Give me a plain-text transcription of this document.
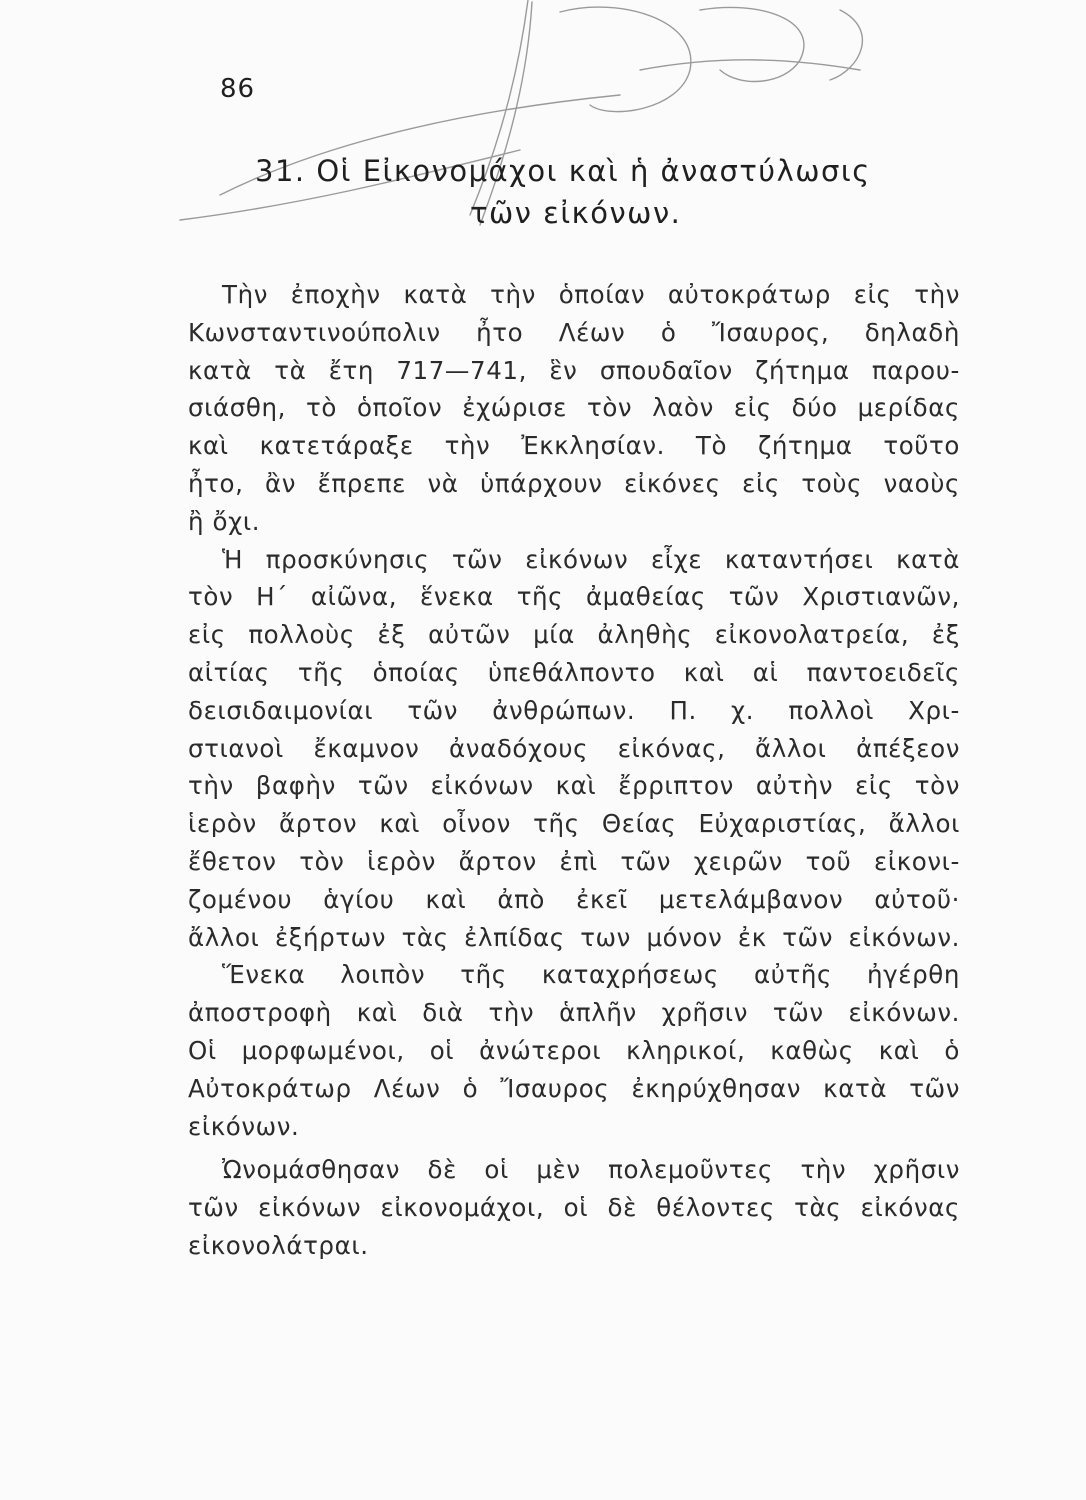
86
31. Οἱ Εἰκονομάχοι καὶ ἡ ἀναστύλωσις
τῶν εἰκόνων.

Τὴν ἐποχὴν κατὰ τὴν ὁποίαν αὐτοκράτωρ εἰς τὴν
Κωνσταντινούπολιν ἦτο Λέων ὁ Ἴσαυρος, δηλαδὴ
κατὰ τὰ ἔτη 717—741, ἓν σπουδαῖον ζήτημα παρου-
σιάσθη, τὸ ὁποῖον ἐχώρισε τὸν λαὸν εἰς δύο μερίδας
καὶ κατετάραξε τὴν Ἐκκλησίαν. Τὸ ζήτημα τοῦτο
ἦτο, ἂν ἔπρεπε νὰ ὑπάρχουν εἰκόνες εἰς τοὺς ναοὺς
ἢ ὄχι.

Ἡ προσκύνησις τῶν εἰκόνων εἶχε καταντήσει κατὰ
τὸν Η΄ αἰῶνα, ἕνεκα τῆς ἀμαθείας τῶν Χριστιανῶν,
εἰς πολλοὺς ἐξ αὐτῶν μία ἀληθὴς εἰκονολατρεία, ἐξ
αἰτίας τῆς ὁποίας ὑπεθάλποντο καὶ αἱ παντοειδεῖς
δεισιδαιμονίαι τῶν ἀνθρώπων. Π. χ. πολλοὶ Χρι-
στιανοὶ ἔκαμνον ἀναδόχους εἰκόνας, ἄλλοι ἀπέξεον
τὴν βαφὴν τῶν εἰκόνων καὶ ἔρριπτον αὐτὴν εἰς τὸν
ἱερὸν ἄρτον καὶ οἶνον τῆς Θείας Εὐχαριστίας, ἄλλοι
ἔθετον τὸν ἱερὸν ἄρτον ἐπὶ τῶν χειρῶν τοῦ εἰκονι-
ζομένου ἁγίου καὶ ἀπὸ ἐκεῖ μετελάμβανον αὐτοῦ·
ἄλλοι ἐξήρτων τὰς ἐλπίδας των μόνον ἐκ τῶν εἰκόνων.

Ἕνεκα λοιπὸν τῆς καταχρήσεως αὐτῆς ἠγέρθη
ἀποστροφὴ καὶ διὰ τὴν ἁπλῆν χρῆσιν τῶν εἰκόνων.
Οἱ μορφωμένοι, οἱ ἀνώτεροι κληρικοί, καθὼς καὶ ὁ
Αὐτοκράτωρ Λέων ὁ Ἴσαυρος ἐκηρύχθησαν κατὰ τῶν
εἰκόνων.

Ὠνομάσθησαν δὲ οἱ μὲν πολεμοῦντες τὴν χρῆσιν
τῶν εἰκόνων εἰκονομάχοι, οἱ δὲ θέλοντες τὰς εἰκόνας
εἰκονολάτραι.
